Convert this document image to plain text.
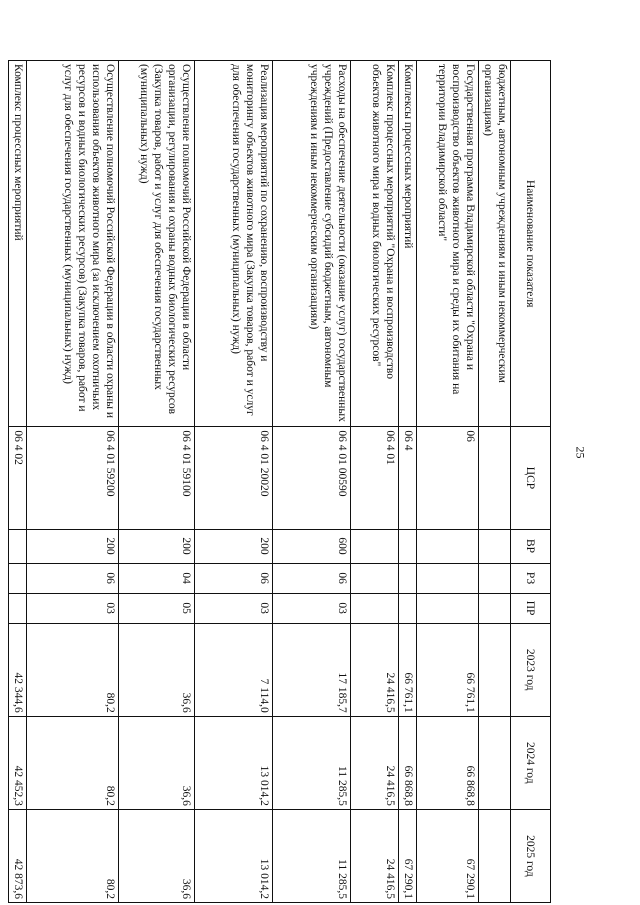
25
Наименование показателя	ЦСР	ВР	РЗ	ПР	2023 год	2024 год	2025 год
бюджетным, автономным учреждениям и иным некоммерческим организациям)							
Государственная программа Владимирской области "Охрана и воспроизводство объектов животного мира и среды их обитания на территории Владимирской области"	06				66 761,1	66 868,8	67 290,1
Комплексы процессных мероприятий	06 4				66 761,1	66 868,8	67 290,1
Комплекс процессных мероприятий "Охрана и воспроизводство объектов животного мира и водных биологических ресурсов"	06 4 01				24 416,5	24 416,5	24 416,5
Расходы на обеспечение деятельности (оказание услуг) государственных учреждений (Предоставление субсидий бюджетным, автономным учреждениям и иным некоммерческим организациям)	06 4 01 00590	600	06	03	17 185,7	11 285,5	11 285,5
Реализация мероприятий по сохранению, воспроизводству и мониторингу объектов животного мира (Закупка товаров, работ и услуг для обеспечения государственных (муниципальных) нужд)	06 4 01 20020	200	06	03	7 114,0	13 014,2	13 014,2
Осуществление полномочий Российской Федерации в области организации, регулирования и охраны водных биологических ресурсов (Закупка товаров, работ и услуг для обеспечения государственных (муниципальных) нужд)	06 4 01 59100	200	04	05	36,6	36,6	36,6
Осуществление полномочий Российской Федерации в области охраны и использования объектов животного мира (за исключением охотничьих ресурсов и водных биологических ресурсов) (Закупка товаров, работ и услуг для обеспечения государственных (муниципальных) нужд)	06 4 01 59200	200	06	03	80,2	80,2	80,2
Комплекс процессных мероприятий	06 4 02				42 344,6	42 452,3	42 873,6
